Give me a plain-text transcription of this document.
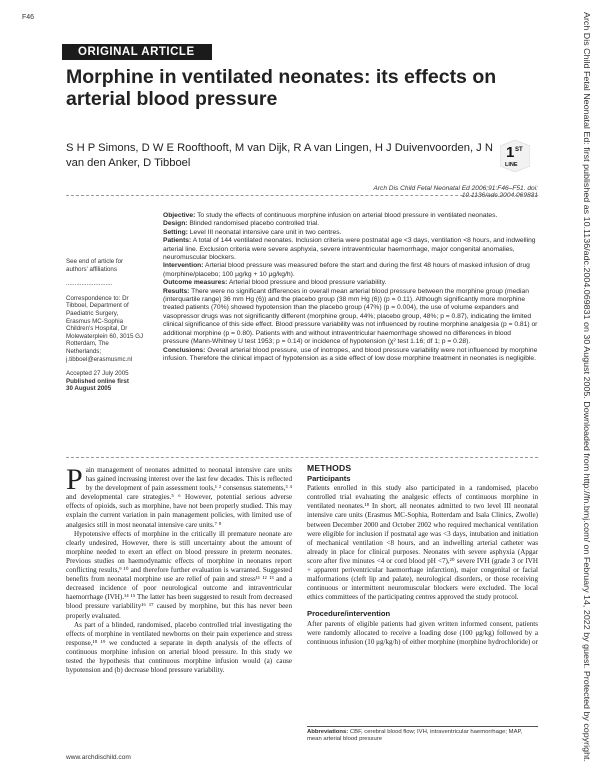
F46
ORIGINAL ARTICLE
Morphine in ventilated neonates: its effects on arterial blood pressure
S H P Simons, D W E Roofthooft, M van Dijk, R A van Lingen, H J Duivenvoorden, J N van den Anker, D Tibboel
1 ST
LINE
Arch Dis Child Fetal Neonatal Ed 2006;91:F46–F51. doi: 10.1136/adc.2004.069831

See end of article for authors' affiliations

...........................

Correspondence to: Dr Tibboel, Department of Paediatric Surgery, Erasmus MC-Sophia Children's Hospital, Dr Molewaterplein 60, 3015 GJ Rotterdam, The Netherlands; j.tibboel@erasmusmc.nl

Accepted 27 July 2005

Published online first
30 August 2005

Objective: To study the effects of continuous morphine infusion on arterial blood pressure in ventilated neonates.

Design: Blinded randomised placebo controlled trial.

Setting: Level III neonatal intensive care unit in two centres.

Patients: A total of 144 ventilated neonates. Inclusion criteria were postnatal age <3 days, ventilation <8 hours, and indwelling arterial line. Exclusion criteria were severe asphyxia, severe intraventricular haemorrhage, major congenital anomalies, neuromuscular blockers.

Intervention: Arterial blood pressure was measured before the start and during the first 48 hours of masked infusion of drug (morphine/placebo; 100 μg/kg + 10 μg/kg/h).

Outcome measures: Arterial blood pressure and blood pressure variability.

Results: There were no significant differences in overall mean arterial blood pressure between the morphine group (median (interquartile range) 36 mm Hg (6)) and the placebo group (38 mm Hg (6)) (p = 0.11). Although significantly more morphine treated patients (70%) showed hypotension than the placebo group (47%) (p = 0.004), the use of volume expanders and vasopressor drugs was not significantly different (morphine group, 44%; placebo group, 48%; p = 0.87), indicating the limited clinical significance of this side effect. Blood pressure variability was not influenced by routine morphine analgesia (p = 0.81) or additional morphine (p = 0.80). Patients with and without intraventricular haemorrhage showed no differences in blood pressure (Mann-Whitney U test 1953; p = 0.14) or incidence of hypotension (χ² test 1.16; df 1; p = 0.28).

Conclusions: Overall arterial blood pressure, use of inotropes, and blood pressure variability were not influenced by morphine infusion. Therefore the clinical impact of hypotension as a side effect of low dose morphine treatment in neonates is negligible.

Pain management of neonates admitted to neonatal intensive care units has gained increasing interest over the last few decades. This is reflected by the development of pain assessment tools,¹ ² consensus statements,³ ⁴ and developmental care strategies.⁵ ⁶ However, potential serious adverse effects of opioids, such as morphine, have not been properly studied. This may explain the current variation in pain management policies, with limited use of analgesics still in most neonatal intensive care units.⁷ ⁸

Hypotensive effects of morphine in the critically ill premature neonate are clearly undesired, However, there is still uncertainty about the amount of morphine needed to exert an effect on blood pressure in preterm neonates. Previous studies on haemodynamic effects of morphine in neonates report conflicting results,⁹ ¹⁰ and therefore further evaluation is warranted. Suggested benefits from neonatal morphine use are relief of pain and stress¹¹ ¹² ¹³ and a decreased incidence of poor neurological outcome and intraventricular haemorrhage (IVH).¹⁴ ¹⁵ The latter has been suggested to result from decreased blood pressure variability¹⁶ ¹⁷ caused by morphine, but this has never been properly evaluated.

As part of a blinded, randomised, placebo controlled trial investigating the effects of morphine in ventilated newborns on their pain experience and stress response,¹⁸ ¹⁹ we conducted a separate in depth analysis of the effects of continuous morphine infusion on arterial blood pressure. In this study we tested the hypothesis that continuous morphine infusion would (a) cause hypotension and (b) decrease blood pressure variability.

METHODS
Participants

Patients enrolled in this study also participated in a randomised, placebo controlled trial evaluating the analgesic effects of continuous morphine in ventilated neonates.¹⁸ In short, all neonates admitted to two level III neonatal intensive care units (Erasmus MC-Sophia, Rotterdam and Isala Clinics, Zwolle) between December 2000 and October 2002 who required mechanical ventilation were eligible for inclusion if postnatal age was <3 days, intubation and initiation of mechanical ventilation <8 hours, and an indwelling arterial catheter was already in place for clinical purposes. Neonates with severe asphyxia (Apgar score after five minutes <4 or cord blood pH <7),²⁰ severe IVH (grade 3 or IVH + apparent periventricular haemorrhage infarction), major congenital or facial malformations (cleft lip and palate), neurological disorders, or those receiving continuous or intermittent neuromuscular blockers were excluded. The local ethics committees of the participating centres approved the study protocol.

Procedure/intervention

After parents of eligible patients had given written informed consent, patients were randomly allocated to receive a loading dose (100 μg/kg) followed by a continuous infusion (10 μg/kg/h) of either morphine (morphine hydrochloride) or

Abbreviations: CBF, cerebral blood flow; IVH, intraventricular haemorrhage; MAP, mean arterial blood pressure
www.archdischild.com
Arch Dis Child Fetal Neonatal Ed: first published as 10.1136/adc.2004.069831 on 30 August 2005. Downloaded from http://fn.bmj.com/ on February 14, 2022 by guest. Protected by copyright.
